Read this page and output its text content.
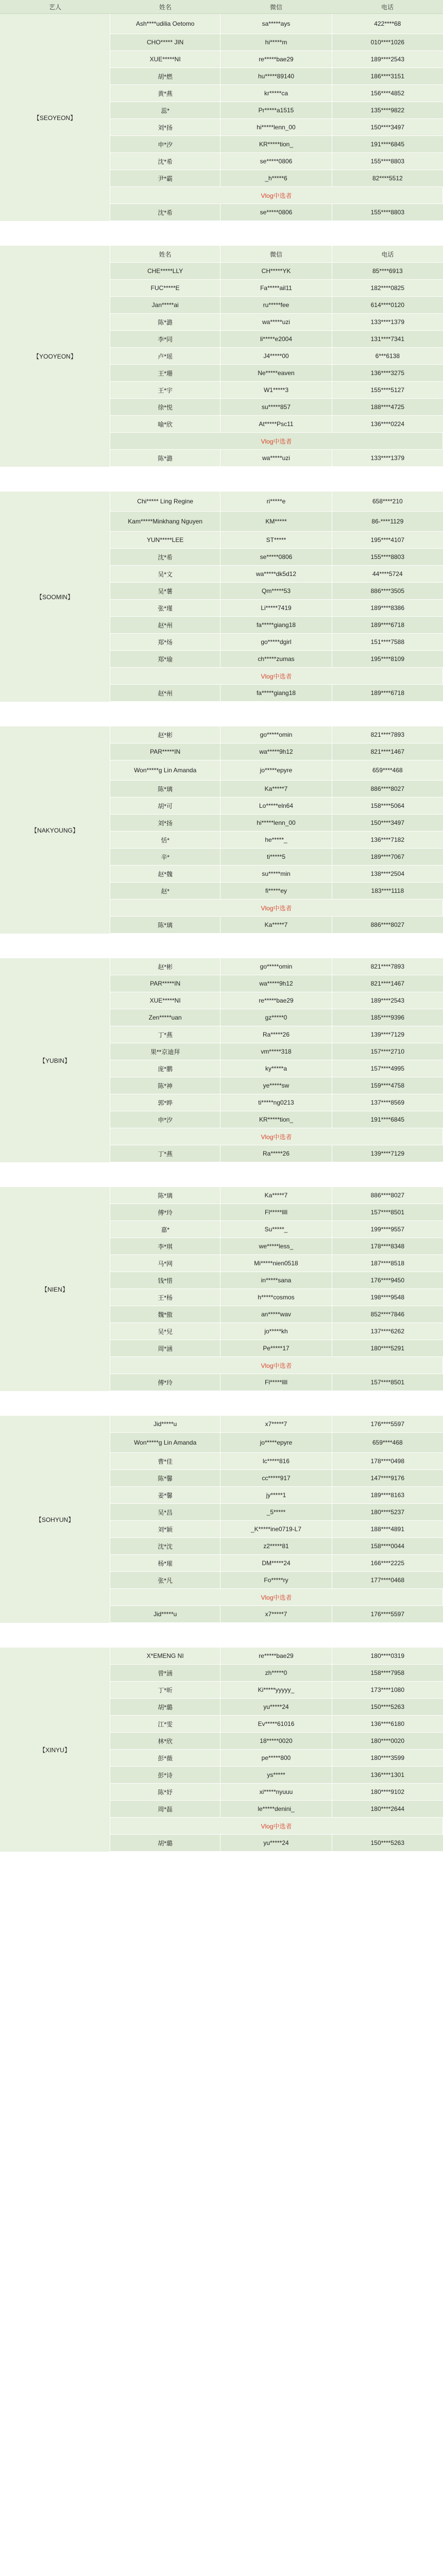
艺人	姓名	微信	电话
【SEOYEON】
Ash****udilia Oetomo	sa*****ays	422****68
CHO***** JIN	hi*****m	010****1026
XUE*****NI	re*****bae29	189****2543
胡*燃	hu*****89140	186****3151
黄*燕	kr*****ca	156****4852
蕊*	Pr*****a1515	135****9822
刘*扬	hi*****lenn_00	150****3497
申*汐	KR*****tion_	191****6845
沈*希	se*****0806	155****8803
尹*霸	_h*****6	82****5512
Vlog中选者
沈*希	se*****0806	155****8803
【YOOYEON】
姓名	微信	电话
CHE*****LLY	CH*****YK	85****6913
FUC*****E	Fa*****ail11	182****0825
Jan*****ai	ru*****fee	614****0120
陈*潞	wa*****uzi	133****1379
李*同	li*****e2004	131****7341
卢*瑶	J4*****00	6***6138
王*珊	Ne*****eaven	136****3275
王*宇	W1*****3	155****5127
徐*悦	su*****857	188****4725
喻*欣	At*****Psc11	136****0224
Vlog中选者
陈*潞	wa*****uzi	133****1379
【SOOMIN】
Chi***** Ling Regine	ri*****e	658****210
Kam*****Minkhang Nguyen	KM*****	86-****1129
YUN*****LEE	ST*****	195****4107
沈*希	se*****0806	155****8803
吴*文	wa*****dk5d12	44****5724
吴*薯	Qm*****53	886****3505
张*瑾	Li*****7419	189****8386
赵*州	fa*****giang18	189****6718
郑*炀	go*****dgirl	151****7588
郑*瑜	ch*****zumas	195****8109
Vlog中选者
赵*州	fa*****giang18	189****6718
【NAKYOUNG】
赵*彬	go*****omin	821****7893
PAR*****IN	wa*****9h12	821****1467
Won*****g Lin Amanda	jo*****epyre	659****468
陈*璃	Ka*****7	886****8027
胡*可	Lo*****eln64	158****5064
刘*扬	hi*****lenn_00	150****3497
恬*	he*****_	136****7182
辛*	ti*****5	189****7067
赵*魏	su*****min	138****2504
赵*	fi*****ey	183****1118
Vlog中选者
陈*璃	Ka*****7	886****8027
【YUBIN】
赵*彬	go*****omin	821****7893
PAR*****IN	wa*****9h12	821****1467
XUE*****NI	re*****bae29	189****2543
Zen*****uan	gz*****0	185****9396
丁*燕	Ra*****26	139****7129
果**京迪拜	vm*****318	157****2710
庞*鹏	ky*****a	157****4995
陈*神	ye*****sw	159****4758
郭*晔	ti*****ng0213	137****8569
申*汐	KR*****tion_	191****6845
Vlog中选者
丁*燕	Ra*****26	139****7129
【NIEN】
陈*璃	Ka*****7	886****8027
傅*玲	Fl*****llll	157****8501
嘉*	Su*****_	199****9557
李*琪	we*****less_	178****8348
马*网	Mi*****nien0518	187****8518
钱*惜	in*****sana	176****9450
王*杨	h*****cosmos	198****9548
魏*傲	an*****wav	852****7846
吴*兒	jo*****kh	137****6262
周*涵	Pe*****17	180****5291
Vlog中选者
傅*玲	Fl*****llll	157****8501
【SOHYUN】
Jid*****u	x7*****7	176****5597
Won*****g Lin Amanda	jo*****epyre	659****468
曹*佳	lc*****816	178****0498
陈*馨	cc*****917	147****9176
姜*馨	jy*****1	189****8163
吴*昌	_5*****	180****5237
刘*颖	_K*****ine0719-L7	188****4891
沈*沈	z2*****81	158****0044
杨*璀	DM*****24	166****2225
张*凡	Fo*****ry	177****0468
Vlog中选者
Jid*****u	x7*****7	176****5597
【XINYU】
X*EMENG NI	re*****bae29	180****0319
曾*涵	zh*****0	158****7958
丁*昕	Ki*****yyyyy_	173****1080
胡*璐	yu*****24	150****5263
江*雯	Ev*****61016	136****6180
林*欣	18*****0020	180****0020
彭*薇	pe*****800	180****3599
彭*诗	ys*****	136****1301
陈*妤	xi*****nyuuu	180****9102
周*磊	le*****denini_	180****2644
Vlog中选者
胡*璐	yu*****24	150****5263
